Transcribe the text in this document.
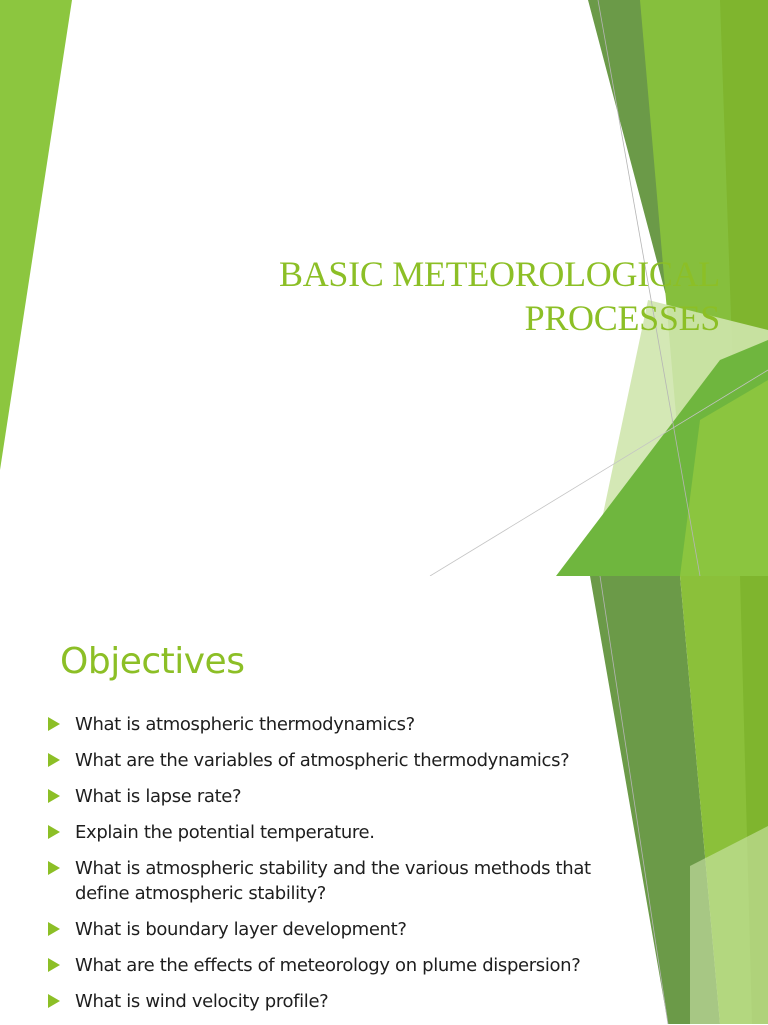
BASIC METEOROLOGICAL
PROCESSES
Objectives
What is atmospheric thermodynamics?
What are the variables of atmospheric thermodynamics?
What is lapse rate?
Explain the potential temperature.
What is atmospheric stability and the various methods that define atmospheric stability?
What is boundary layer development?
What are the effects of meteorology on plume dispersion?
What is wind velocity profile?
